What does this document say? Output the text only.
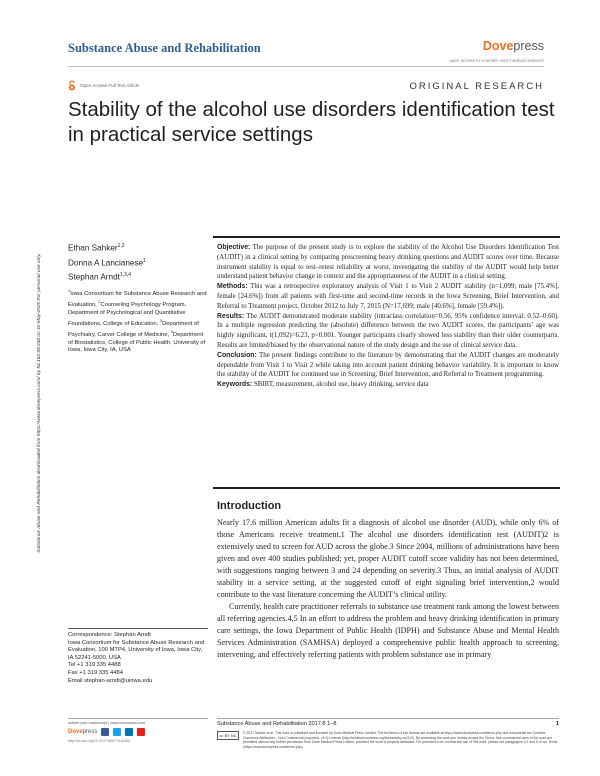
Substance Abuse and Rehabilitation	Dovepress
open access to scientific and medical research
Open Access Full Text Article	ORIGINAL RESEARCH
Stability of the alcohol use disorders identification test in practical service settings
Substance Abuse and Rehabilitation downloaded from https://www.dovepress.com/ by 54.162.69.248 on 31-May-2020 For personal use only.
Ethan Sahker$^{1,2}$
Donna A Lancianese$^1$
Stephan Arndt$^{1,3,4}$
$^1$Iowa Consortium for Substance Abuse Research and Evaluation, $^2$Counseling Psychology Program, Department of Psychological and Quantitative Foundations, College of Education, $^3$Department of Psychiatry, Carver College of Medicine, $^4$Department of Biostatistics, College of Public Health, University of Iowa, Iowa City, IA, USA

Objective: The purpose of the present study is to explore the stability of the Alcohol Use Disorders Identification Test (AUDIT) in a clinical setting by comparing prescreening heavy drinking questions and AUDIT scores over time. Because instrument stability is equal to test–retest reliability at worst, investigating the stability of the AUDIT would help better understand patient behavior change in context and the appropriateness of the AUDIT in a clinical setting.

Methods: This was a retrospective exploratory analysis of Visit 1 to Visit 2 AUDIT stability (n=1,099; male [75.4%], female [24.6%]) from all patients with first-time and second-time records in the Iowa Screening, Brief Intervention, and Referral to Treatment project, October 2012 to July 7, 2015 (N=17,699; male [40.6%], female [59.4%]).

Results: The AUDIT demonstrated moderate stability (intraclass correlation=0.56, 95% confidence interval: 0.52–0.60). In a multiple regression predicting the (absolute) difference between the two AUDIT scores, the participants’ age was highly significant, t(1,092)=6.23, p<0.001. Younger participants clearly showed less stability than their older counterparts. Results are limited/biased by the observational nature of the study design and the use of clinical service data.

Conclusion: The present findings contribute to the literature by demonstrating that the AUDIT changes are moderately dependable from Visit 1 to Visit 2 while taking into account patient drinking behavior variability. It is important to know the stability of the AUDIT for continued use in Screening, Brief Intervention, and Referral to Treatment programming.

Keywords: SBIRT, measurement, alcohol use, heavy drinking, service data

Introduction

Nearly 17.6 million American adults fit a diagnosis of alcohol use disorder (AUD), while only 6% of those Americans receive treatment.1 The alcohol use disorders identification test (AUDIT)2 is extensively used to screen for AUD across the globe.3 Since 2004, millions of administrations have been given and over 400 studies published; yet, proper AUDIT cutoff score validity has not been determined, with suggestions ranging between 3 and 24 depending on severity.3 Thus, an initial analysis of AUDIT stability in a service setting, at the suggested cutoff of eight signaling brief intervention,2 would contribute to the vast literature concerning the AUDIT’s clinical utility.

Currently, health care practitioner referrals to substance use treatment rank among the lowest between all referring agencies.4,5 In an effort to address the problem and heavy drinking identification in primary care settings, the Iowa Department of Public Health (IDPH) and Substance Abuse and Mental Health Services Administration (SAMHSA) deployed a comprehensive public health approach to screening, intervening, and effectively referring patients with problem substance use in primary

Correspondence: Stephan Arndt
Iowa Consortium for Substance Abuse Research and Evaluation, 100 MTP4, University of Iowa, Iowa City, IA 52241-5000, USA
Tel +1 319 335 4488
Fax +1 319 335 4484
Email stephan-arndt@uiowa.edu
submit your manuscript | www.dovepress.com
Dovepress
http://dx.doi.org/10.2147/SAR.S116400
Substance Abuse and Rehabilitation 2017:8 1–8	1
cc BY NC	© 2017 Sahker et al. This work is published and licensed by Dove Medical Press Limited. The full terms of this license are available at https://www.dovepress.com/terms.php and incorporate the Creative Commons Attribution – Non Commercial (unported, v3.0) License (http://creativecommons.org/licenses/by-nc/3.0/). By accessing the work you hereby accept the Terms. Non-commercial uses of the work are permitted without any further permission from Dove Medical Press Limited, provided the work is properly attributed. For permission for commercial use of this work, please see paragraphs 4.2 and 5 of our Terms (https://www.dovepress.com/terms.php).
